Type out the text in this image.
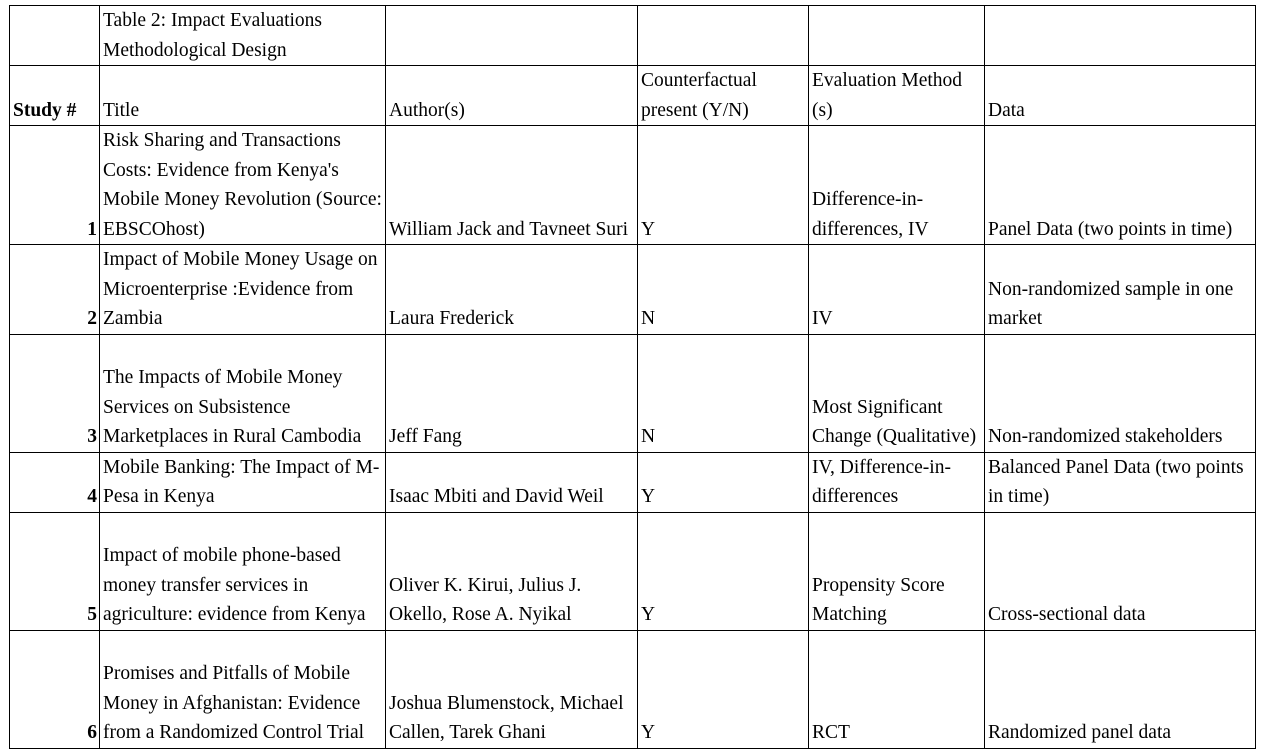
	Table 2: Impact Evaluations
Methodological Design				
Study #	Title	Author(s)	Counterfactual present (Y/N)	Evaluation Method (s)	Data
1	Risk Sharing and Transactions Costs: Evidence from Kenya's Mobile Money Revolution (Source: EBSCOhost)	William Jack and Tavneet Suri	Y	Difference-in- differences, IV	Panel Data (two points in time)
2	Impact of Mobile Money Usage on Microenterprise :Evidence from Zambia	Laura Frederick	N	IV	Non-randomized sample in one market
3	The Impacts of Mobile Money Services on Subsistence Marketplaces in Rural Cambodia	Jeff Fang	N	Most Significant Change (Qualitative)	Non-randomized stakeholders
4	Mobile Banking: The Impact of M-Pesa in Kenya	Isaac Mbiti and David Weil	Y	IV, Difference-in- differences	Balanced Panel Data (two points in time)
5	Impact of mobile phone-based money transfer services in agriculture: evidence from Kenya	Oliver K. Kirui, Julius J. Okello, Rose A. Nyikal	Y	Propensity Score Matching	Cross-sectional data
6	Promises and Pitfalls of Mobile Money in Afghanistan: Evidence from a Randomized Control Trial	Joshua Blumenstock, Michael Callen, Tarek Ghani	Y	RCT	Randomized panel data
